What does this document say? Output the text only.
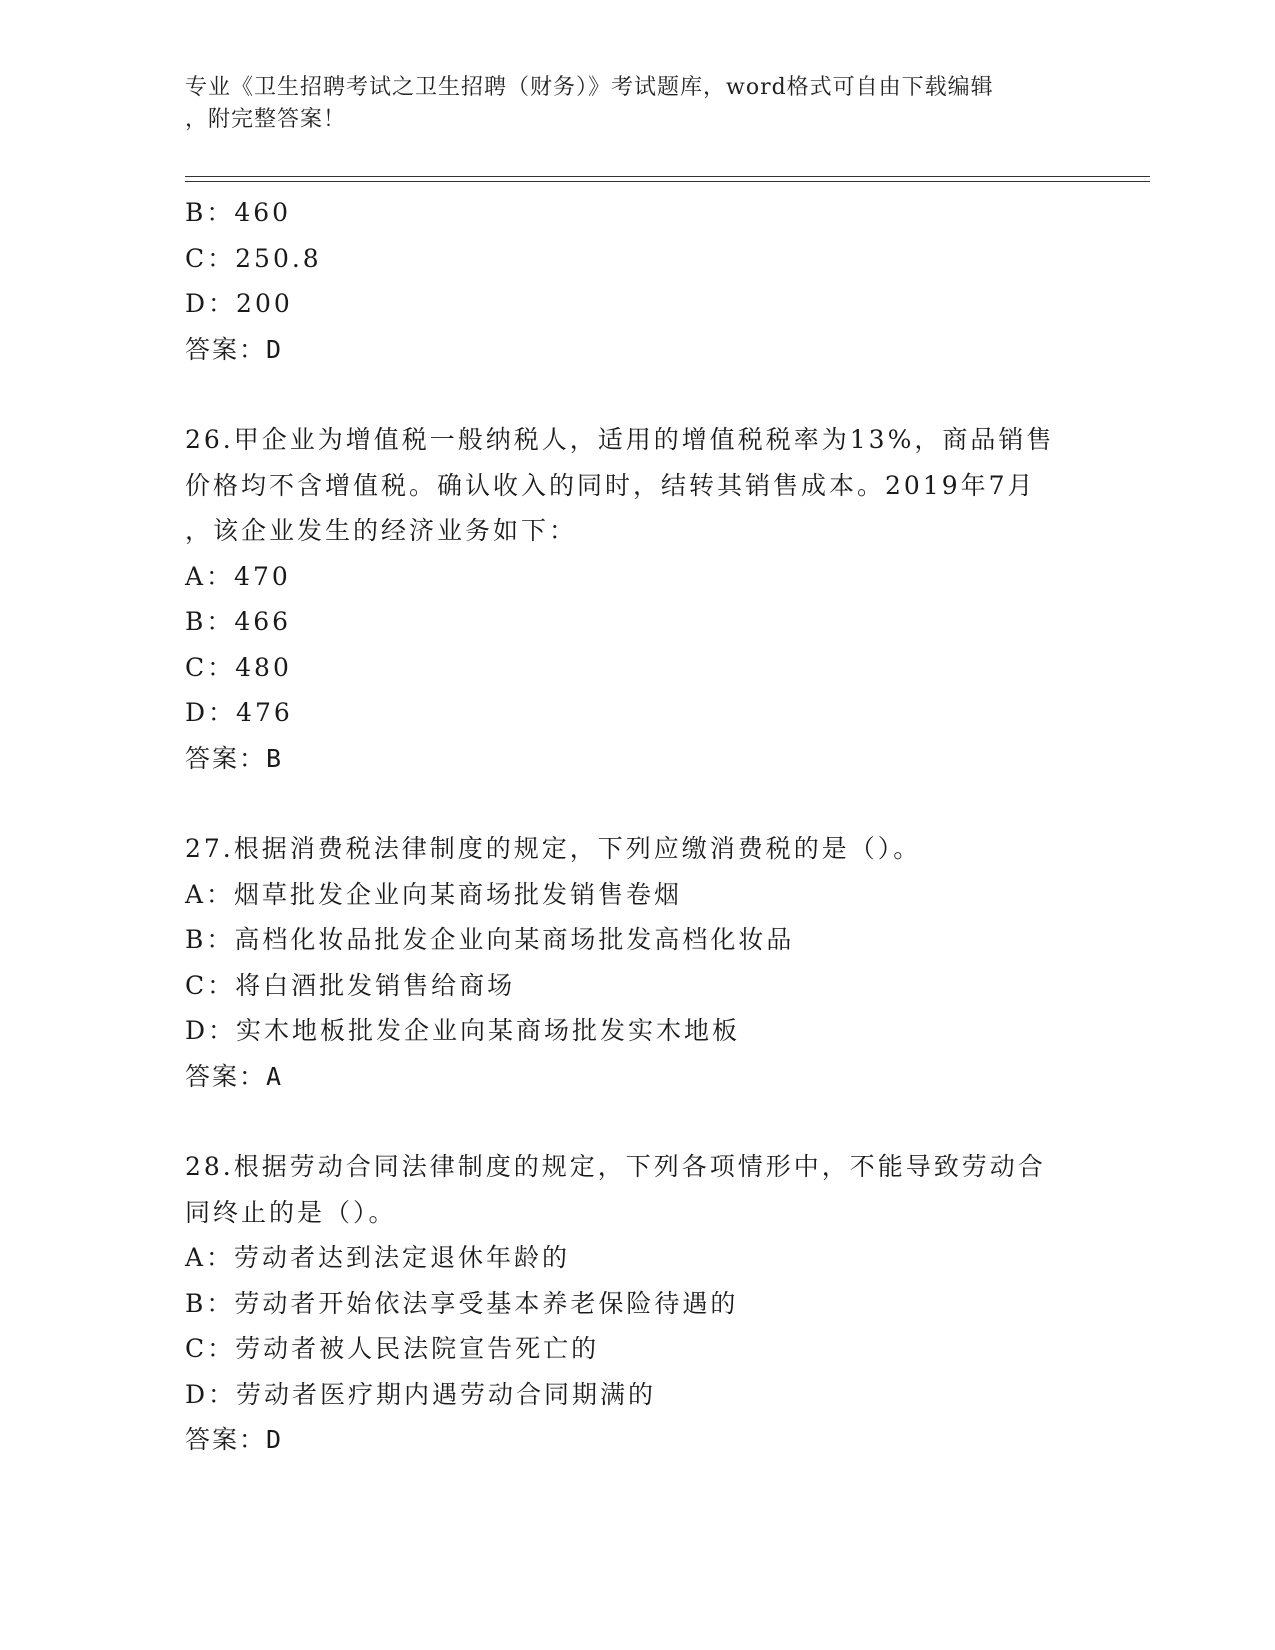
专业《卫生招聘考试之卫生招聘（财务）》考试题库，word格式可自由下载编辑
，附完整答案！
B：460
C：250.8
D：200
答案：D
26.甲企业为增值税一般纳税人，适用的增值税税率为13%，商品销售
价格均不含增值税。确认收入的同时，结转其销售成本。2019年7月
，该企业发生的经济业务如下：
A：470
B：466
C：480
D：476
答案：B
27.根据消费税法律制度的规定，下列应缴消费税的是（）。
A：烟草批发企业向某商场批发销售卷烟
B：高档化妆品批发企业向某商场批发高档化妆品
C：将白酒批发销售给商场
D：实木地板批发企业向某商场批发实木地板
答案：A
28.根据劳动合同法律制度的规定，下列各项情形中，不能导致劳动合
同终止的是（）。
A：劳动者达到法定退休年龄的
B：劳动者开始依法享受基本养老保险待遇的
C：劳动者被人民法院宣告死亡的
D：劳动者医疗期内遇劳动合同期满的
答案：D
